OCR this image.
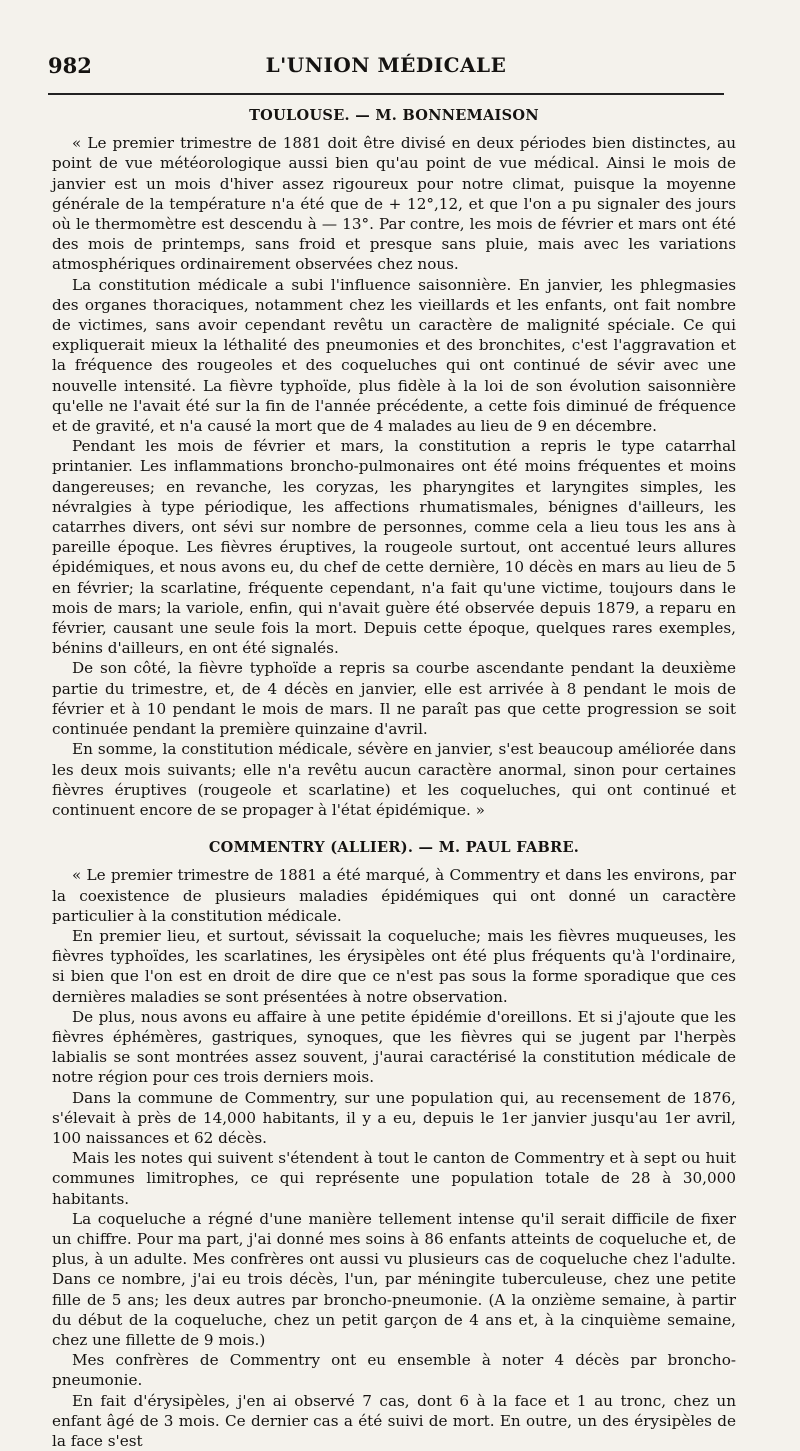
982	L'UNION MÉDICALE
TOULOUSE. — M. BONNEMAISON

« Le premier trimestre de 1881 doit être divisé en deux périodes bien distinctes, au point de vue météorologique aussi bien qu'au point de vue médical. Ainsi le mois de janvier est un mois d'hiver assez rigoureux pour notre climat, puisque la moyenne générale de la température n'a été que de + 12°,12, et que l'on a pu signaler des jours où le thermomètre est descendu à — 13°. Par contre, les mois de février et mars ont été des mois de printemps, sans froid et presque sans pluie, mais avec les variations atmosphériques ordinairement observées chez nous.

La constitution médicale a subi l'influence saisonnière. En janvier, les phlegmasies des organes thoraciques, notamment chez les vieillards et les enfants, ont fait nombre de victimes, sans avoir cependant revêtu un caractère de malignité spéciale. Ce qui expliquerait mieux la léthalité des pneumonies et des bronchites, c'est l'aggravation et la fréquence des rougeoles et des coqueluches qui ont continué de sévir avec une nouvelle intensité. La fièvre typhoïde, plus fidèle à la loi de son évolution saisonnière qu'elle ne l'avait été sur la fin de l'année précédente, a cette fois diminué de fréquence et de gravité, et n'a causé la mort que de 4 malades au lieu de 9 en décembre.

Pendant les mois de février et mars, la constitution a repris le type catarrhal printanier. Les inflammations broncho-pulmonaires ont été moins fréquentes et moins dangereuses; en revanche, les coryzas, les pharyngites et laryngites simples, les névralgies à type périodique, les affections rhumatismales, bénignes d'ailleurs, les catarrhes divers, ont sévi sur nombre de personnes, comme cela a lieu tous les ans à pareille époque. Les fièvres éruptives, la rougeole surtout, ont accentué leurs allures épidémiques, et nous avons eu, du chef de cette dernière, 10 décès en mars au lieu de 5 en février; la scarlatine, fréquente cependant, n'a fait qu'une victime, toujours dans le mois de mars; la variole, enfin, qui n'avait guère été observée depuis 1879, a reparu en février, causant une seule fois la mort. Depuis cette époque, quelques rares exemples, bénins d'ailleurs, en ont été signalés.

De son côté, la fièvre typhoïde a repris sa courbe ascendante pendant la deuxième partie du trimestre, et, de 4 décès en janvier, elle est arrivée à 8 pendant le mois de février et à 10 pendant le mois de mars. Il ne paraît pas que cette progression se soit continuée pendant la première quinzaine d'avril.

En somme, la constitution médicale, sévère en janvier, s'est beaucoup améliorée dans les deux mois suivants; elle n'a revêtu aucun caractère anormal, sinon pour certaines fièvres éruptives (rougeole et scarlatine) et les coqueluches, qui ont continué et continuent encore de se propager à l'état épidémique. »

COMMENTRY (ALLIER). — M. PAUL FABRE.

« Le premier trimestre de 1881 a été marqué, à Commentry et dans les environs, par la coexistence de plusieurs maladies épidémiques qui ont donné un caractère particulier à la constitution médicale.

En premier lieu, et surtout, sévissait la coqueluche; mais les fièvres muqueuses, les fièvres typhoïdes, les scarlatines, les érysipèles ont été plus fréquents qu'à l'ordinaire, si bien que l'on est en droit de dire que ce n'est pas sous la forme sporadique que ces dernières maladies se sont présentées à notre observation.

De plus, nous avons eu affaire à une petite épidémie d'oreillons. Et si j'ajoute que les fièvres éphémères, gastriques, synoques, que les fièvres qui se jugent par l'herpès labialis se sont montrées assez souvent, j'aurai caractérisé la constitution médicale de notre région pour ces trois derniers mois.

Dans la commune de Commentry, sur une population qui, au recensement de 1876, s'élevait à près de 14,000 habitants, il y a eu, depuis le 1er janvier jusqu'au 1er avril, 100 naissances et 62 décès.

Mais les notes qui suivent s'étendent à tout le canton de Commentry et à sept ou huit communes limitrophes, ce qui représente une population totale de 28 à 30,000 habitants.

La coqueluche a régné d'une manière tellement intense qu'il serait difficile de fixer un chiffre. Pour ma part, j'ai donné mes soins à 86 enfants atteints de coqueluche et, de plus, à un adulte. Mes confrères ont aussi vu plusieurs cas de coqueluche chez l'adulte. Dans ce nombre, j'ai eu trois décès, l'un, par méningite tuberculeuse, chez une petite fille de 5 ans; les deux autres par broncho-pneumonie. (A la onzième semaine, à partir du début de la coqueluche, chez un petit garçon de 4 ans et, à la cinquième semaine, chez une fillette de 9 mois.)

Mes confrères de Commentry ont eu ensemble à noter 4 décès par broncho-pneumonie.

En fait d'érysipèles, j'en ai observé 7 cas, dont 6 à la face et 1 au tronc, chez un enfant âgé de 3 mois. Ce dernier cas a été suivi de mort. En outre, un des érysipèles de la face s'est
